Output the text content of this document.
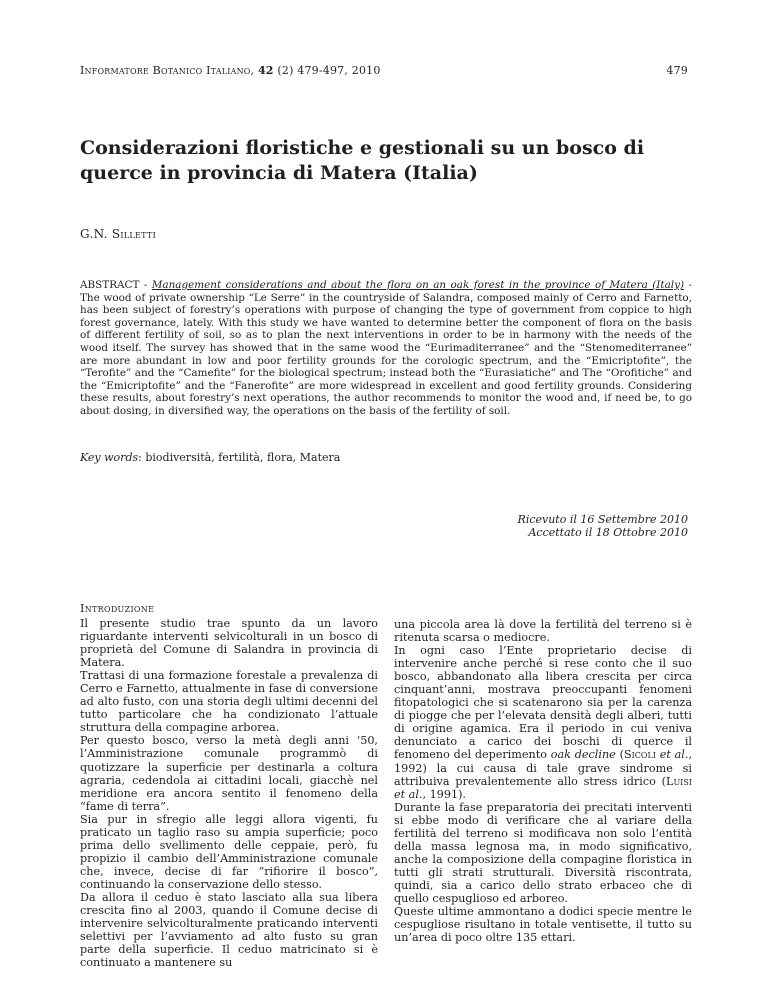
Informatore Botanico Italiano, 42 (2) 479-497, 2010	479
Considerazioni floristiche e gestionali su un bosco di querce in provincia di Matera (Italia)
G.N. Silletti

ABSTRACT - Management considerations and about the flora on an oak forest in the province of Matera (Italy) - The wood of private ownership “Le Serre” in the countryside of Salandra, composed mainly of Cerro and Farnetto, has been subject of forestry’s operations with purpose of changing the type of government from coppice to high forest governance, lately. With this study we have wanted to determine better the component of flora on the basis of different fertility of soil, so as to plan the next interventions in order to be in harmony with the needs of the wood itself. The survey has showed that in the same wood the “Eurimaditerranee” and the “Stenomediterranee” are more abundant in low and poor fertility grounds for the corologic spectrum, and the “Emicriptofite”, the “Terofite” and the “Camefite” for the biological spectrum; instead both the “Eurasiatiche” and The “Orofitiche” and the “Emicriptofite” and the “Fanerofite” are more widespread in excellent and good fertility grounds. Considering these results, about forestry’s next operations, the author recommends to monitor the wood and, if need be, to go about dosing, in diversified way, the operations on the basis of the fertility of soil.

Key words: biodiversità, fertilità, flora, Matera
Ricevuto il 16 Settembre 2010
Accettato il 18 Ottobre 2010
Introduzione

Il presente studio trae spunto da un lavoro riguardante interventi selvicolturali in un bosco di proprietà del Comune di Salandra in provincia di Matera.

Trattasi di una formazione forestale a prevalenza di Cerro e Farnetto, attualmente in fase di conversione ad alto fusto, con una storia degli ultimi decenni del tutto particolare che ha condizionato l’attuale struttura della compagine arborea.

Per questo bosco, verso la metà degli anni ‘50, l’Amministrazione comunale programmò di quotizzare la superficie per destinarla a coltura agraria, cedendola ai cittadini locali, giacchè nel meridione era ancora sentito il fenomeno della “fame di terra”.

Sia pur in sfregio alle leggi allora vigenti, fu praticato un taglio raso su ampia superficie; poco prima dello svellimento delle ceppaie, però, fu propizio il cambio dell’Amministrazione comunale che, invece, decise di far “rifiorire il bosco”, continuando la conservazione dello stesso.

Da allora il ceduo è stato lasciato alla sua libera crescita fino al 2003, quando il Comune decise di intervenire selvicolturalmente praticando interventi selettivi per l’avviamento ad alto fusto su gran parte della superficie. Il ceduo matricinato si è continuato a mantenere su

una piccola area là dove la fertilità del terreno si è ritenuta scarsa o mediocre.

In ogni caso l’Ente proprietario decise di intervenire anche perché si rese conto che il suo bosco, abbandonato alla libera crescita per circa cinquant’anni, mostrava preoccupanti fenomeni fitopatologici che si scatenarono sia per la carenza di piogge che per l’elevata densità degli alberi, tutti di origine agamica. Era il periodo in cui veniva denunciato a carico dei boschi di querce il fenomeno del deperimento oak decline (Sicoli et al., 1992) la cui causa di tale grave sindrome si attribuiva prevalentemente allo stress idrico (Luisi et al., 1991).

Durante la fase preparatoria dei precitati interventi si ebbe modo di verificare che al variare della fertilità del terreno si modificava non solo l’entità della massa legnosa ma, in modo significativo, anche la composizione della compagine floristica in tutti gli strati strutturali. Diversità riscontrata, quindi, sia a carico dello strato erbaceo che di quello cespuglioso ed arboreo.

Queste ultime ammontano a dodici specie mentre le cespugliose risultano in totale ventisette, il tutto su un’area di poco oltre 135 ettari.
